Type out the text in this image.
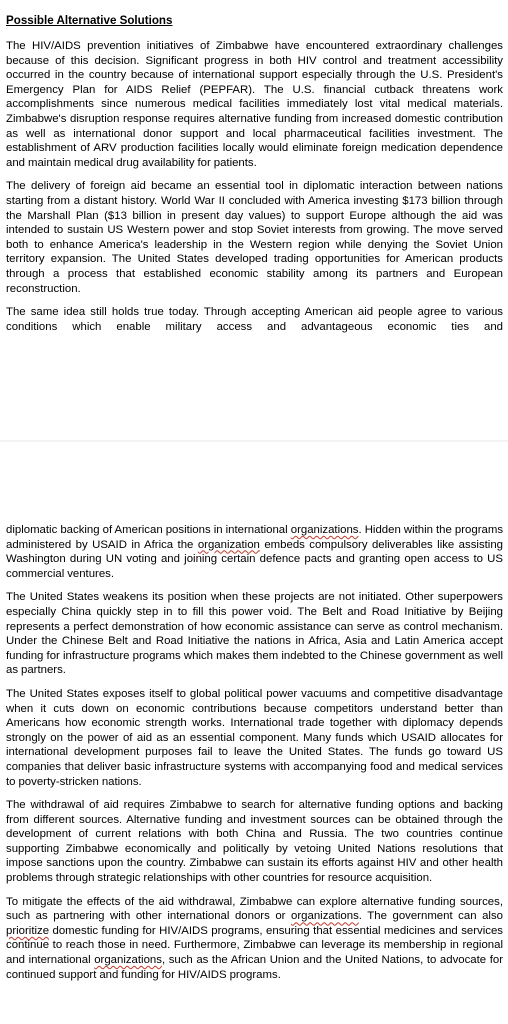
Possible Alternative Solutions

The HIV/AIDS prevention initiatives of Zimbabwe have encountered extraordinary challenges because of this decision. Significant progress in both HIV control and treatment accessibility occurred in the country because of international support especially through the U.S. President's Emergency Plan for AIDS Relief (PEPFAR). The U.S. financial cutback threatens work accomplishments since numerous medical facilities immediately lost vital medical materials. Zimbabwe's disruption response requires alternative funding from increased domestic contribution as well as international donor support and local pharmaceutical facilities investment. The establishment of ARV production facilities locally would eliminate foreign medication dependence and maintain medical drug availability for patients.

The delivery of foreign aid became an essential tool in diplomatic interaction between nations starting from a distant history. World War II concluded with America investing $173 billion through the Marshall Plan ($13 billion in present day values) to support Europe although the aid was intended to sustain US Western power and stop Soviet interests from growing. The move served both to enhance America's leadership in the Western region while denying the Soviet Union territory expansion. The United States developed trading opportunities for American products through a process that established economic stability among its partners and European reconstruction.

The same idea still holds true today. Through accepting American aid people agree to various conditions which enable military access and advantageous economic ties and

diplomatic backing of American positions in international organizations. Hidden within the programs administered by USAID in Africa the organization embeds compulsory deliverables like assisting Washington during UN voting and joining certain defence pacts and granting open access to US commercial ventures.

The United States weakens its position when these projects are not initiated. Other superpowers especially China quickly step in to fill this power void. The Belt and Road Initiative by Beijing represents a perfect demonstration of how economic assistance can serve as control mechanism. Under the Chinese Belt and Road Initiative the nations in Africa, Asia and Latin America accept funding for infrastructure programs which makes them indebted to the Chinese government as well as partners.

The United States exposes itself to global political power vacuums and competitive disadvantage when it cuts down on economic contributions because competitors understand better than Americans how economic strength works. International trade together with diplomacy depends strongly on the power of aid as an essential component. Many funds which USAID allocates for international development purposes fail to leave the United States. The funds go toward US companies that deliver basic infrastructure systems with accompanying food and medical services to poverty-stricken nations.

The withdrawal of aid requires Zimbabwe to search for alternative funding options and backing from different sources. Alternative funding and investment sources can be obtained through the development of current relations with both China and Russia. The two countries continue supporting Zimbabwe economically and politically by vetoing United Nations resolutions that impose sanctions upon the country. Zimbabwe can sustain its efforts against HIV and other health problems through strategic relationships with other countries for resource acquisition.

To mitigate the effects of the aid withdrawal, Zimbabwe can explore alternative funding sources, such as partnering with other international donors or organizations. The government can also prioritize domestic funding for HIV/AIDS programs, ensuring that essential medicines and services continue to reach those in need. Furthermore, Zimbabwe can leverage its membership in regional and international organizations, such as the African Union and the United Nations, to advocate for continued support and funding for HIV/AIDS programs.
